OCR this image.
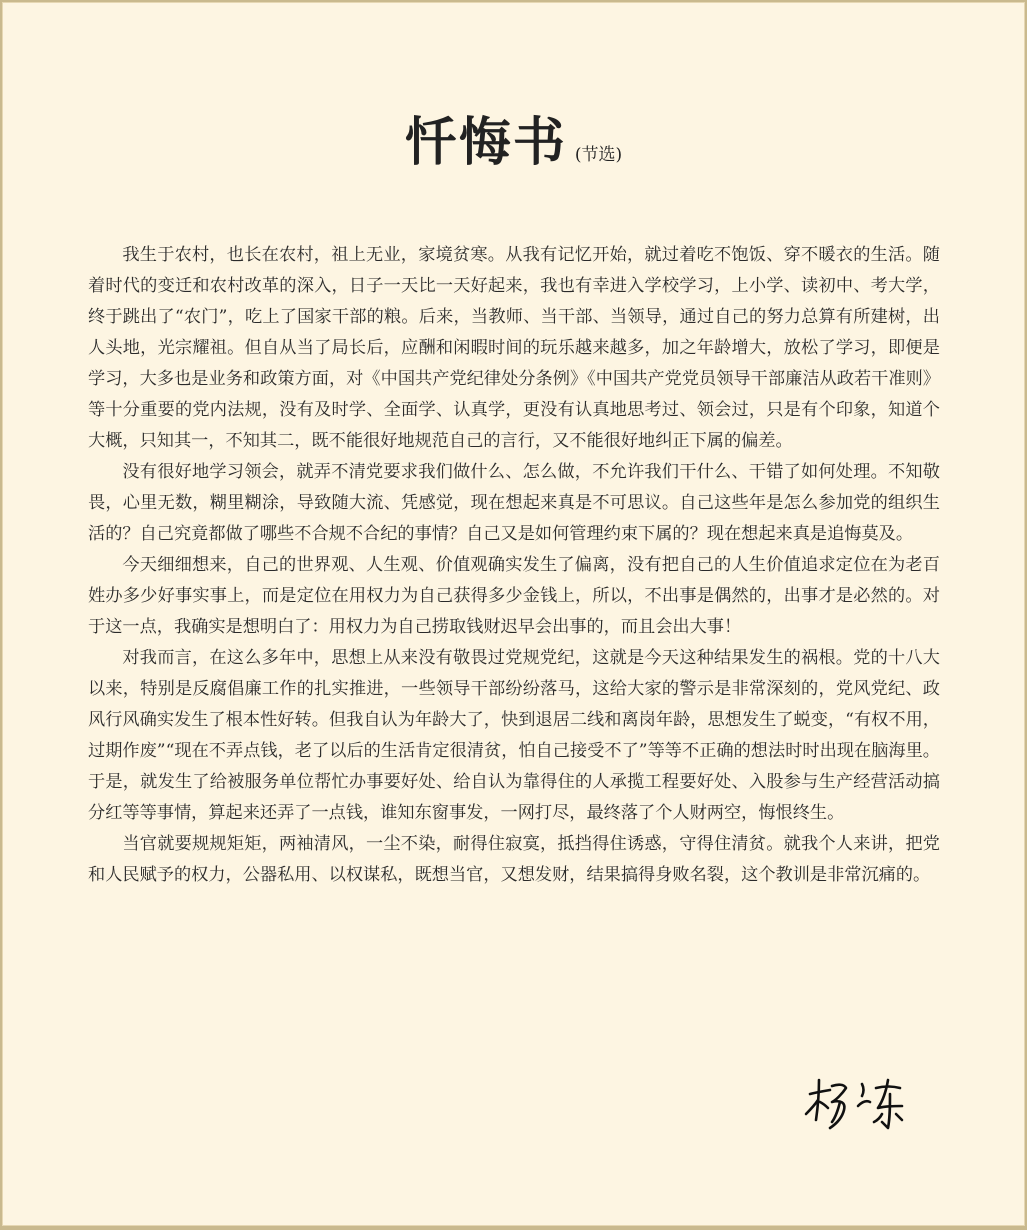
忏悔书 (节选)

我生于农村，也长在农村，祖上无业，家境贫寒。从我有记忆开始，就过着吃不饱饭、穿不暖衣的生活。随着时代的变迁和农村改革的深入，日子一天比一天好起来，我也有幸进入学校学习，上小学、读初中、考大学，终于跳出了“农门”，吃上了国家干部的粮。后来，当教师、当干部、当领导，通过自己的努力总算有所建树，出人头地，光宗耀祖。但自从当了局长后，应酬和闲暇时间的玩乐越来越多，加之年龄增大，放松了学习，即便是学习，大多也是业务和政策方面，对《中国共产党纪律处分条例》《中国共产党党员领导干部廉洁从政若干准则》等十分重要的党内法规，没有及时学、全面学、认真学，更没有认真地思考过、领会过，只是有个印象，知道个大概，只知其一，不知其二，既不能很好地规范自己的言行，又不能很好地纠正下属的偏差。

没有很好地学习领会，就弄不清党要求我们做什么、怎么做，不允许我们干什么、干错了如何处理。不知敬畏，心里无数，糊里糊涂，导致随大流、凭感觉，现在想起来真是不可思议。自己这些年是怎么参加党的组织生活的？自己究竟都做了哪些不合规不合纪的事情？自己又是如何管理约束下属的？现在想起来真是追悔莫及。

今天细细想来，自己的世界观、人生观、价值观确实发生了偏离，没有把自己的人生价值追求定位在为老百姓办多少好事实事上，而是定位在用权力为自己获得多少金钱上，所以，不出事是偶然的，出事才是必然的。对于这一点，我确实是想明白了：用权力为自己捞取钱财迟早会出事的，而且会出大事！

对我而言，在这么多年中，思想上从来没有敬畏过党规党纪，这就是今天这种结果发生的祸根。党的十八大以来，特别是反腐倡廉工作的扎实推进，一些领导干部纷纷落马，这给大家的警示是非常深刻的，党风党纪、政风行风确实发生了根本性好转。但我自认为年龄大了，快到退居二线和离岗年龄，思想发生了蜕变，“有权不用，过期作废”“现在不弄点钱，老了以后的生活肯定很清贫，怕自己接受不了”等等不正确的想法时时出现在脑海里。于是，就发生了给被服务单位帮忙办事要好处、给自认为靠得住的人承揽工程要好处、入股参与生产经营活动搞分红等等事情，算起来还弄了一点钱，谁知东窗事发，一网打尽，最终落了个人财两空，悔恨终生。

当官就要规规矩矩，两袖清风，一尘不染，耐得住寂寞，抵挡得住诱惑，守得住清贫。就我个人来讲，把党和人民赋予的权力，公器私用、以权谋私，既想当官，又想发财，结果搞得身败名裂，这个教训是非常沉痛的。
